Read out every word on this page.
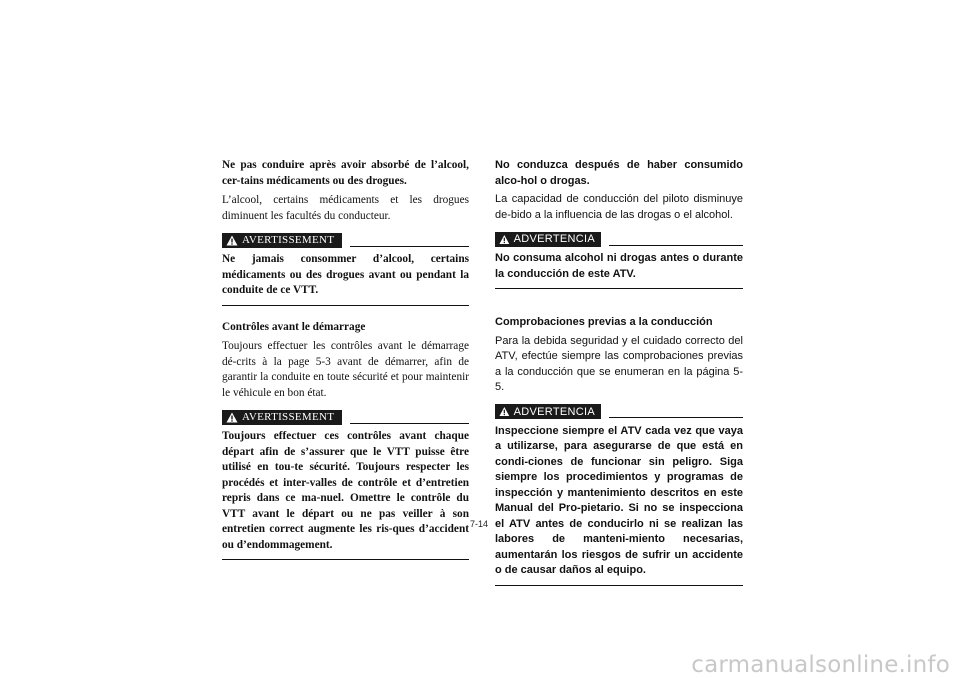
Ne pas conduire après avoir absorbé de l’alcool, cer-tains médicaments ou des drogues.

L’alcool, certains médicaments et les drogues diminuent les facultés du conducteur.

AVERTISSEMENT

Ne jamais consommer d’alcool, certains médicaments ou des drogues avant ou pendant la conduite de ce VTT.

Contrôles avant le démarrage

Toujours effectuer les contrôles avant le démarrage dé-crits à la page 5-3 avant de démarrer, afin de garantir la conduite en toute sécurité et pour maintenir le véhicule en bon état.

AVERTISSEMENT

Toujours effectuer ces contrôles avant chaque départ afin de s’assurer que le VTT puisse être utilisé en tou-te sécurité. Toujours respecter les procédés et inter-valles de contrôle et d’entretien repris dans ce ma-nuel. Omettre le contrôle du VTT avant le départ ou ne pas veiller à son entretien correct augmente les ris-ques d’accident ou d’endommagement.

No conduzca después de haber consumido alco-hol o drogas.

La capacidad de conducción del piloto disminuye de-bido a la influencia de las drogas o el alcohol.

ADVERTENCIA

No consuma alcohol ni drogas antes o durante la conducción de este ATV.

Comprobaciones previas a la conducción

Para la debida seguridad y el cuidado correcto del ATV, efectúe siempre las comprobaciones previas a la conducción que se enumeran en la página 5-5.

ADVERTENCIA

Inspeccione siempre el ATV cada vez que vaya a utilizarse, para asegurarse de que está en condi-ciones de funcionar sin peligro. Siga siempre los procedimientos y programas de inspección y mantenimiento descritos en este Manual del Pro-pietario. Si no se inspecciona el ATV antes de conducirlo ni se realizan las labores de manteni-miento necesarias, aumentarán los riesgos de sufrir un accidente o de causar daños al equipo.

7-14
carmanualsonline.info
